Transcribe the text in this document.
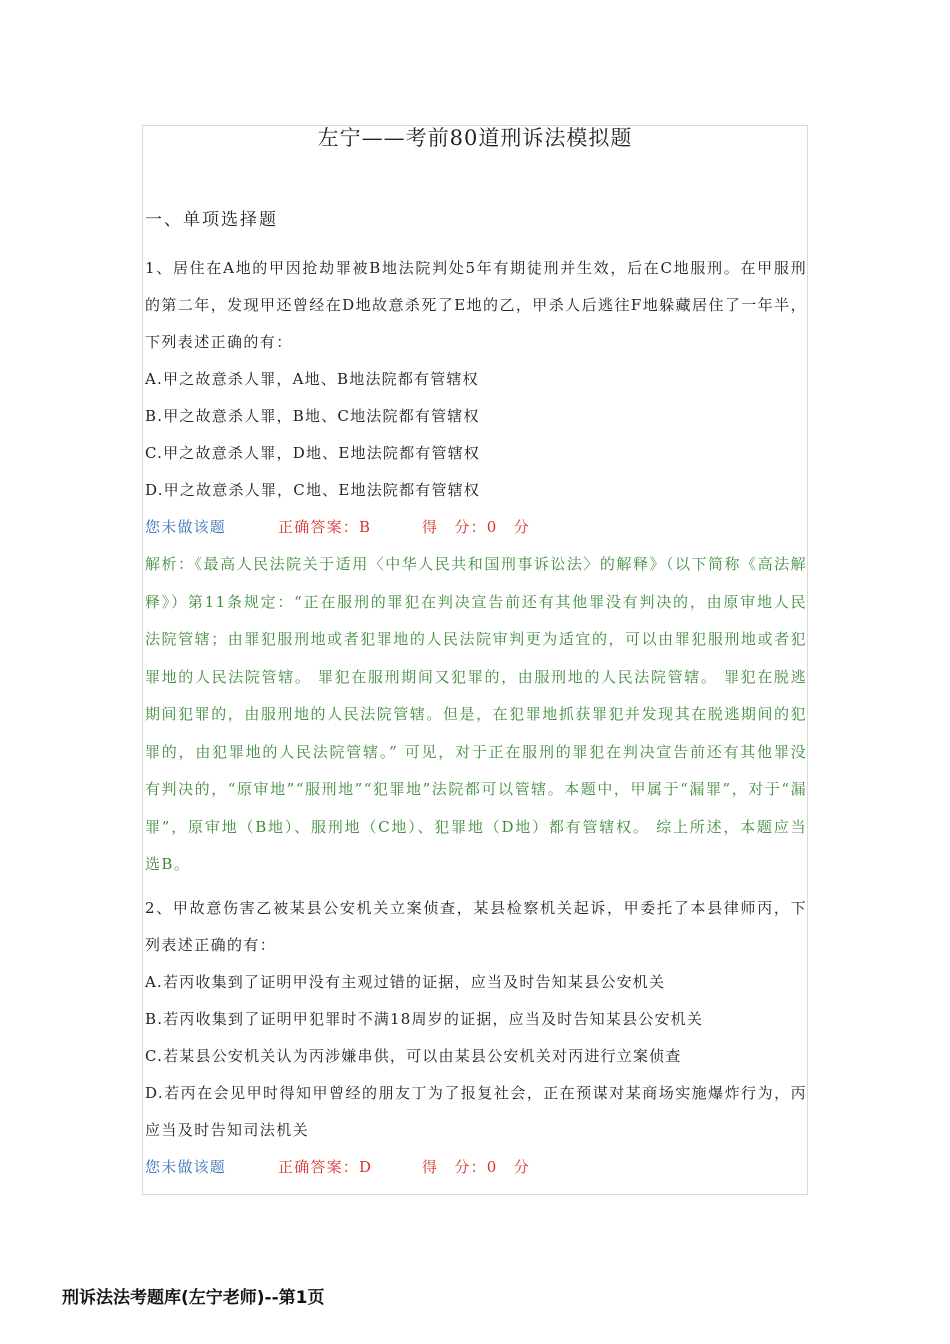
左宁——考前80道刑诉法模拟题

一、单项选择题

1、居住在A地的甲因抢劫罪被B地法院判处5年有期徒刑并生效，后在C地服刑。在甲服刑的第二年，发现甲还曾经在D地故意杀死了E地的乙，甲杀人后逃往F地躲藏居住了一年半，下列表述正确的有：

A.甲之故意杀人罪，A地、B地法院都有管辖权

B.甲之故意杀人罪，B地、C地法院都有管辖权

C.甲之故意杀人罪，D地、E地法院都有管辖权

D.甲之故意杀人罪，C地、E地法院都有管辖权

您未做该题	正确答案：B	得　分：0　分

解析：《最高人民法院关于适用〈中华人民共和国刑事诉讼法〉的解释》（以下简称《高法解释》）第11条规定：“正在服刑的罪犯在判决宣告前还有其他罪没有判决的，由原审地人民法院管辖；由罪犯服刑地或者犯罪地的人民法院审判更为适宜的，可以由罪犯服刑地或者犯罪地的人民法院管辖。 罪犯在服刑期间又犯罪的，由服刑地的人民法院管辖。 罪犯在脱逃期间犯罪的，由服刑地的人民法院管辖。但是，在犯罪地抓获罪犯并发现其在脱逃期间的犯罪的，由犯罪地的人民法院管辖。” 可见，对于正在服刑的罪犯在判决宣告前还有其他罪没有判决的，“原审地”“服刑地”“犯罪地”法院都可以管辖。本题中，甲属于“漏罪”，对于“漏罪”，原审地（B地）、服刑地（C地）、犯罪地（D地）都有管辖权。 综上所述，本题应当选B。

2、甲故意伤害乙被某县公安机关立案侦查，某县检察机关起诉，甲委托了本县律师丙，下列表述正确的有：

A.若丙收集到了证明甲没有主观过错的证据，应当及时告知某县公安机关

B.若丙收集到了证明甲犯罪时不满18周岁的证据，应当及时告知某县公安机关

C.若某县公安机关认为丙涉嫌串供，可以由某县公安机关对丙进行立案侦查

D.若丙在会见甲时得知甲曾经的朋友丁为了报复社会，正在预谋对某商场实施爆炸行为，丙应当及时告知司法机关

您未做该题	正确答案：D	得　分：0　分

刑诉法法考题库(左宁老师)--第1页
